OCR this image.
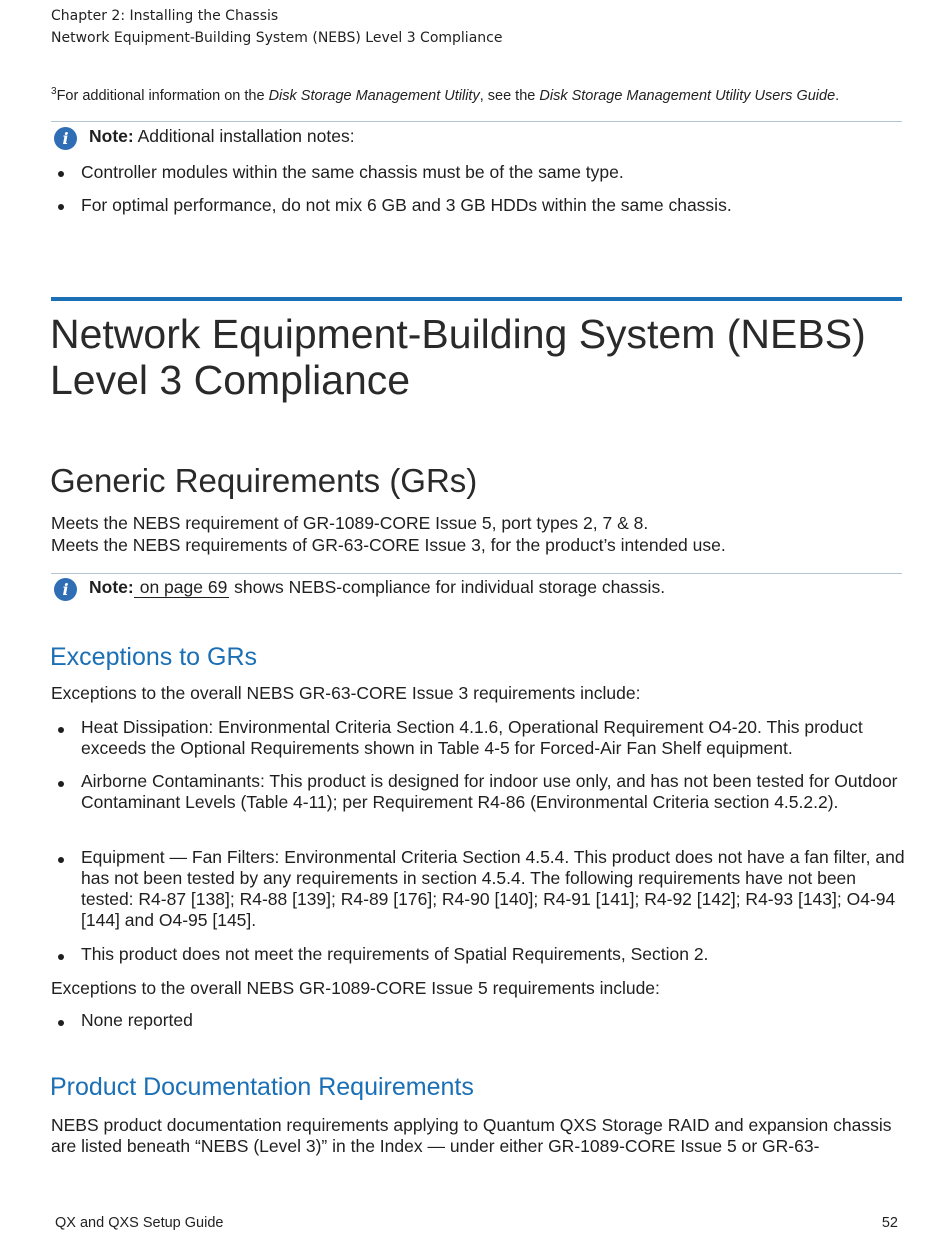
Chapter 2: Installing the Chassis
Network Equipment-Building System (NEBS) Level 3 Compliance
$^3$For additional information on the Disk Storage Management Utility, see the Disk Storage Management Utility Users Guide.
i	Note: Additional installation notes:
Controller modules within the same chassis must be of the same type.
For optimal performance, do not mix 6 GB and 3 GB HDDs within the same chassis.
Network Equipment-Building System (NEBS) Level 3 Compliance
Generic Requirements (GRs)
Meets the NEBS requirement of GR-1089-CORE Issue 5, port types 2, 7 & 8.
Meets the NEBS requirements of GR-63-CORE Issue 3, for the product’s intended use.
i	Note: on page 69 shows NEBS-compliance for individual storage chassis.
Exceptions to GRs
Exceptions to the overall NEBS GR-63-CORE Issue 3 requirements include:
Heat Dissipation: Environmental Criteria Section 4.1.6, Operational Requirement O4-20. This product exceeds the Optional Requirements shown in Table 4-5 for Forced-Air Fan Shelf equipment.
Airborne Contaminants: This product is designed for indoor use only, and has not been tested for Outdoor Contaminant Levels (Table 4-11); per Requirement R4-86 (Environmental Criteria section 4.5.2.2).
Equipment — Fan Filters: Environmental Criteria Section 4.5.4. This product does not have a fan filter, and has not been tested by any requirements in section 4.5.4. The following requirements have not been tested: R4-87 [138]; R4-88 [139]; R4-89 [176]; R4-90 [140]; R4-91 [141]; R4-92 [142]; R4-93 [143]; O4-94 [144] and O4-95 [145].
This product does not meet the requirements of Spatial Requirements, Section 2.
Exceptions to the overall NEBS GR-1089-CORE Issue 5 requirements include:
None reported
Product Documentation Requirements
NEBS product documentation requirements applying to Quantum QXS Storage RAID and expansion chassis are listed beneath “NEBS (Level 3)” in the Index — under either GR-1089-CORE Issue 5 or GR-63-
QX and QXS Setup Guide	52
